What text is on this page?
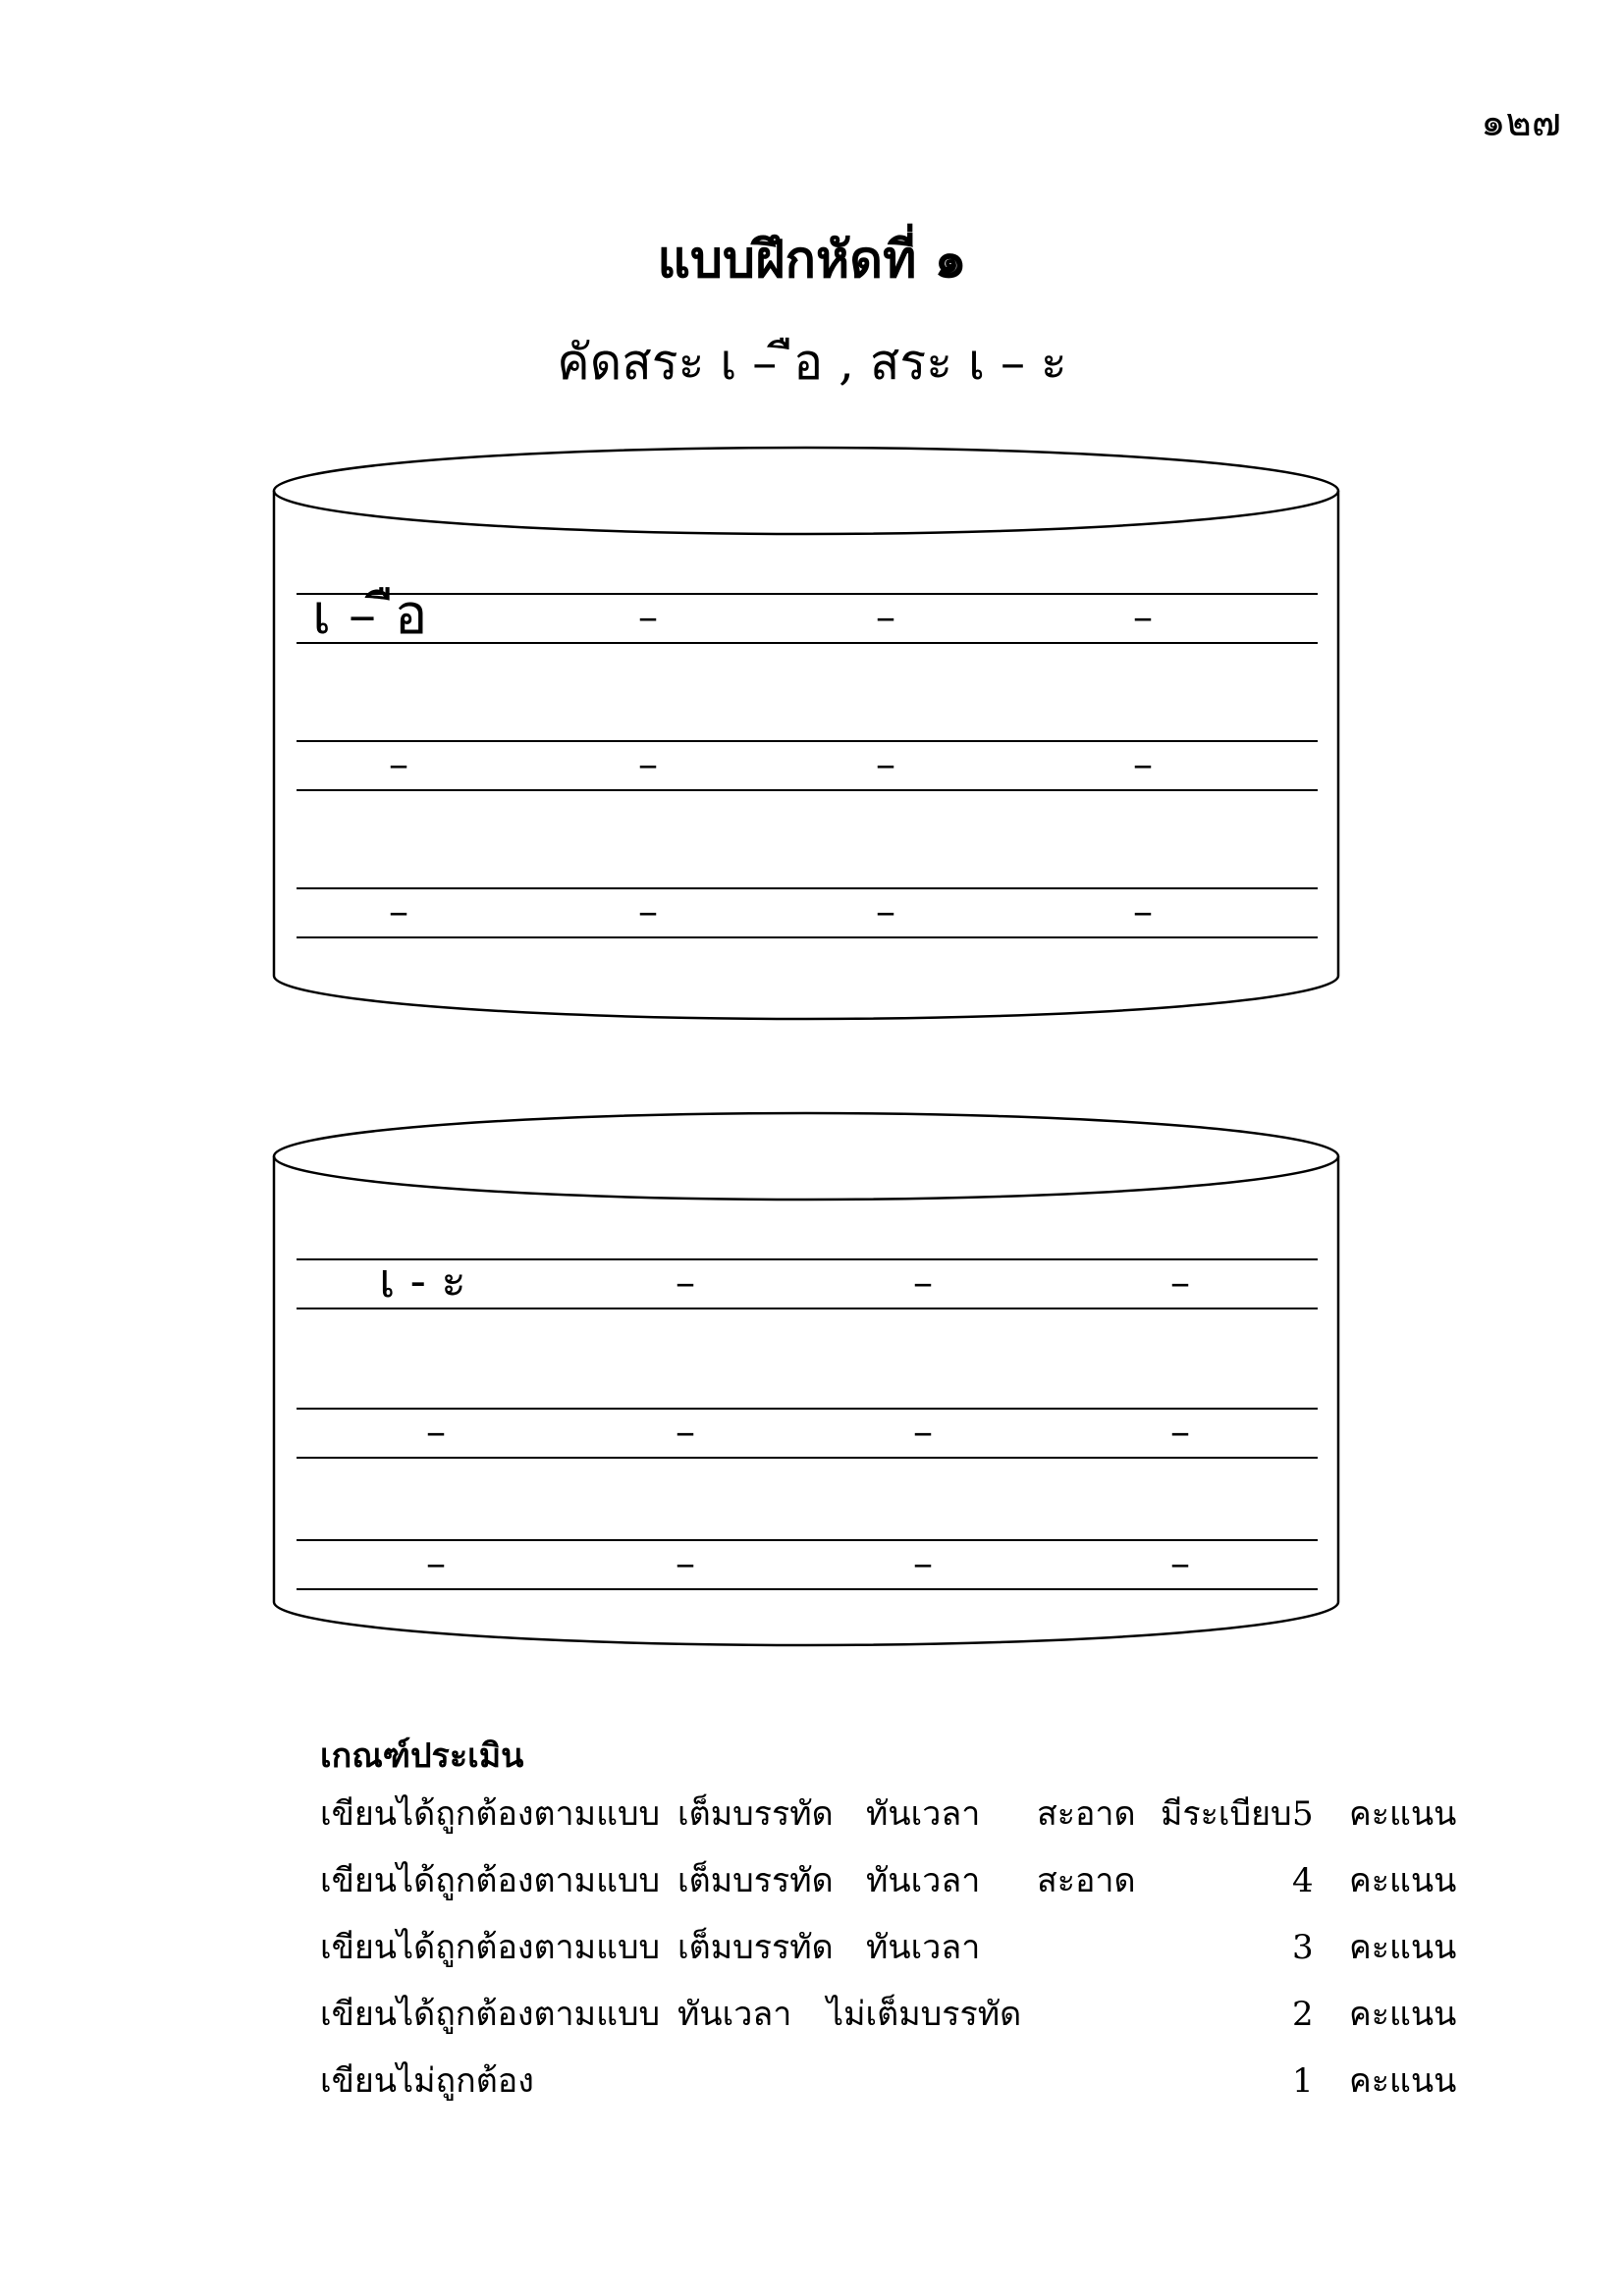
๑๒๗
แบบฝึกหัดที่ ๑
คัดสระ เ – ือ , สระ เ – ะ
เ – ือ	–	–	–
–	–	–	–
–	–	–	–
เ - ะ	–	–	–
–	–	–	–
–	–	–	–
เกณฑ์ประเมิน
เขียนได้ถูกต้องตามแบบ เต็มบรรทัด ทันเวลา สะอาด มีระเบียบ 5 คะแนน
เขียนได้ถูกต้องตามแบบ เต็มบรรทัด ทันเวลา สะอาด	4 คะแนน
เขียนได้ถูกต้องตามแบบ เต็มบรรทัด ทันเวลา	3 คะแนน
เขียนได้ถูกต้องตามแบบ ทันเวลา ไม่เต็มบรรทัด	2 คะแนน
เขียนไม่ถูกต้อง	1 คะแนน
